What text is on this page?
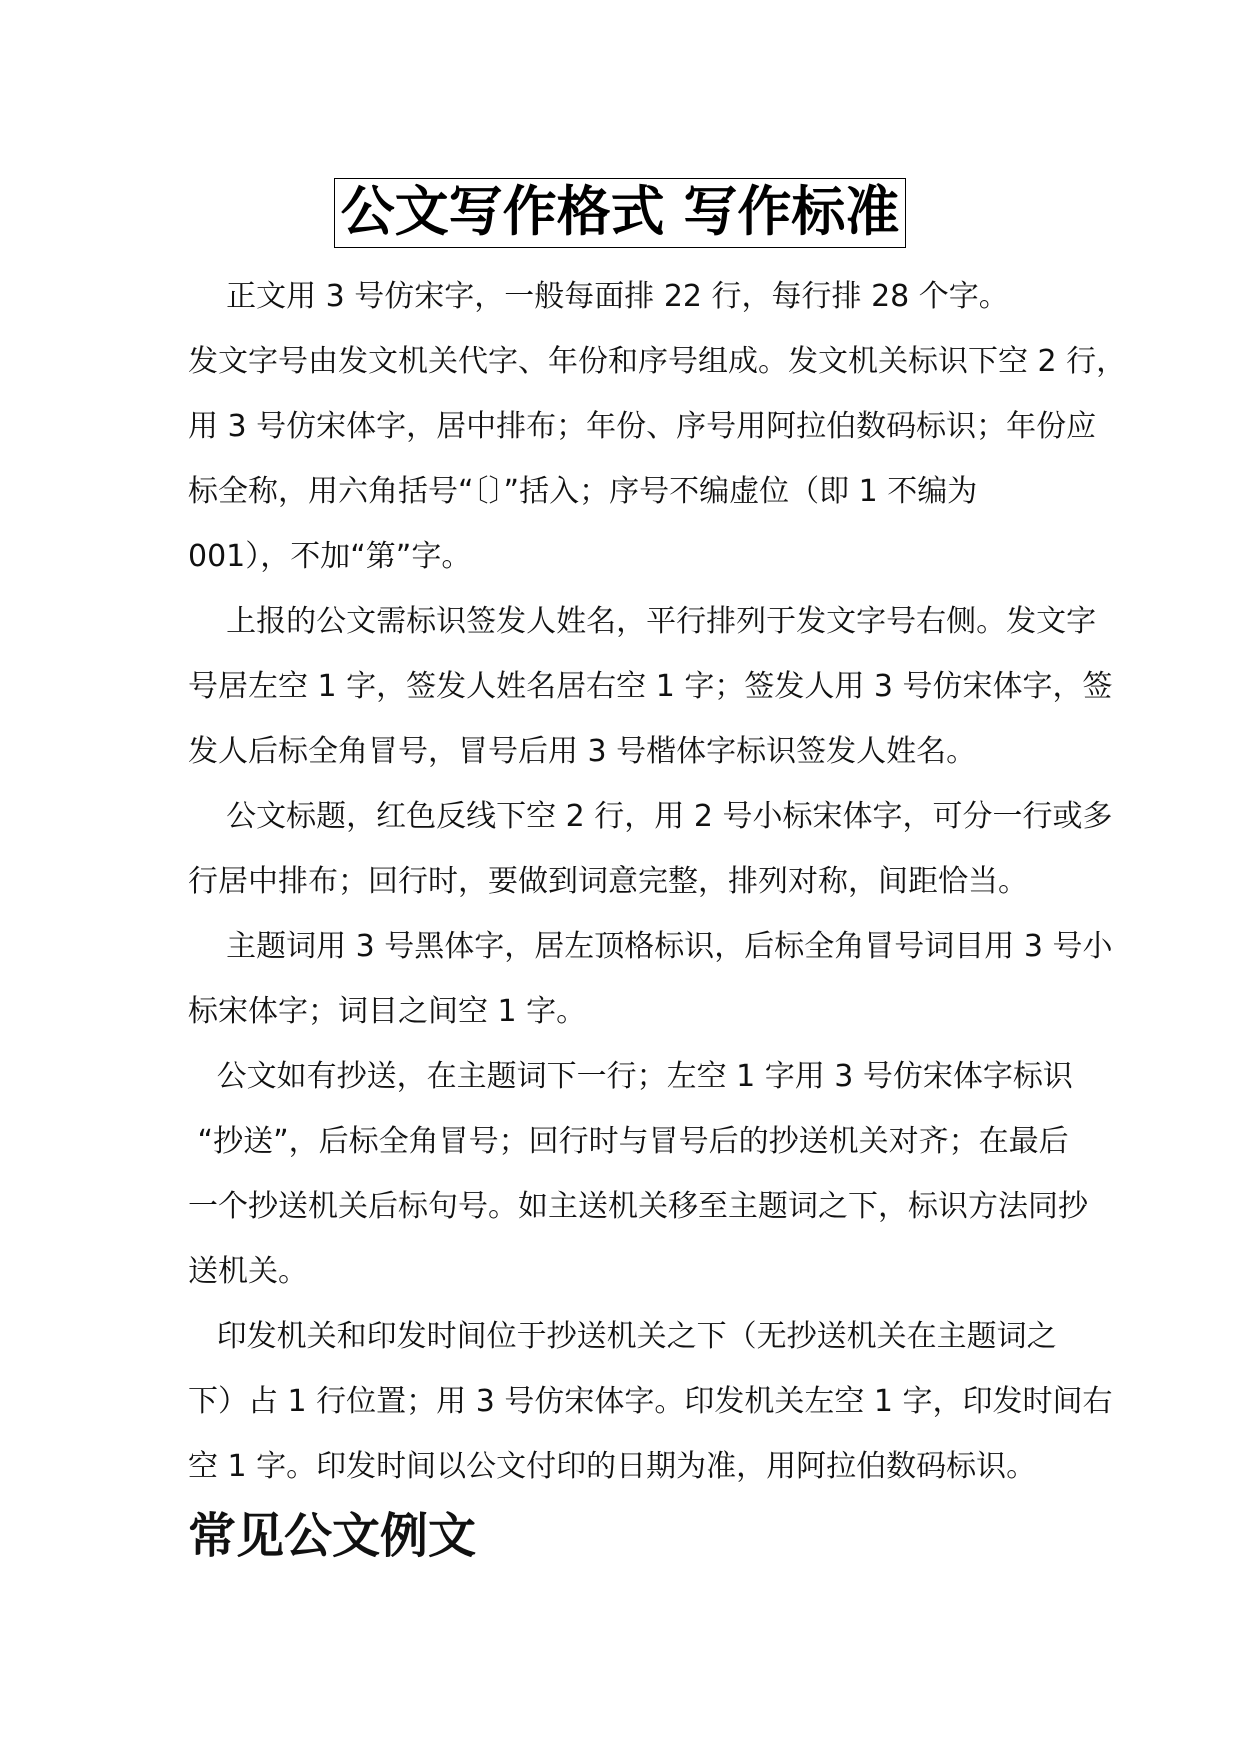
公文写作格式 写作标准
正文用 3 号仿宋字，一般每面排 22 行，每行排 28 个字。
发文字号由发文机关代字、年份和序号组成。发文机关标识下空 2 行，
用 3 号仿宋体字，居中排布；年份、序号用阿拉伯数码标识；年份应
标全称，用六角括号“〔〕”括入；序号不编虚位（即 1 不编为
001），不加“第”字。
上报的公文需标识签发人姓名，平行排列于发文字号右侧。发文字
号居左空 1 字，签发人姓名居右空 1 字；签发人用 3 号仿宋体字，签
发人后标全角冒号，冒号后用 3 号楷体字标识签发人姓名。
公文标题，红色反线下空 2 行，用 2 号小标宋体字，可分一行或多
行居中排布；回行时，要做到词意完整，排列对称，间距恰当。
主题词用 3 号黑体字，居左顶格标识，后标全角冒号词目用 3 号小
标宋体字；词目之间空 1 字。
公文如有抄送，在主题词下一行；左空 1 字用 3 号仿宋体字标识
“抄送”，后标全角冒号；回行时与冒号后的抄送机关对齐；在最后
一个抄送机关后标句号。如主送机关移至主题词之下，标识方法同抄
送机关。
印发机关和印发时间位于抄送机关之下（无抄送机关在主题词之
下）占 1 行位置；用 3 号仿宋体字。印发机关左空 1 字，印发时间右
空 1 字。印发时间以公文付印的日期为准，用阿拉伯数码标识。
常见公文例文
